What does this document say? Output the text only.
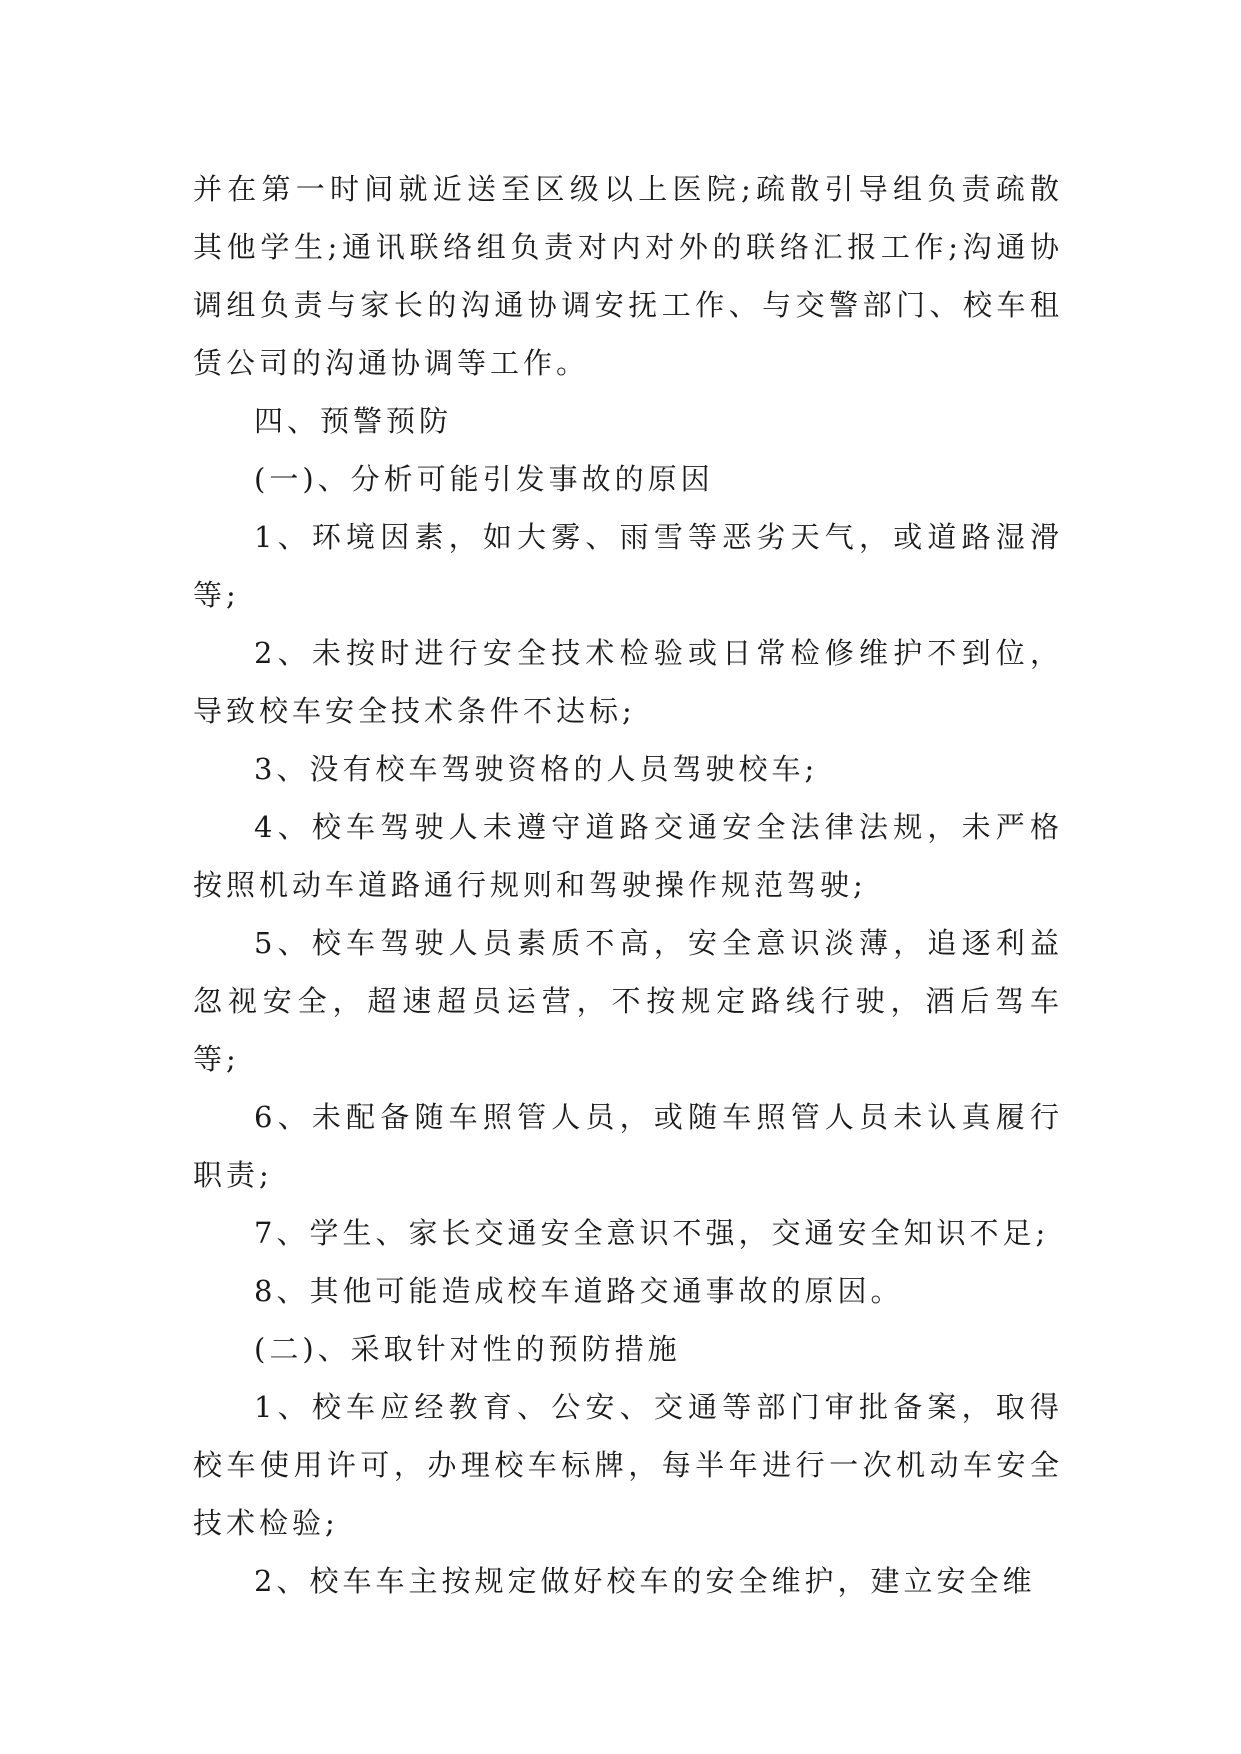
并在第一时间就近送至区级以上医院;疏散引导组负责疏散其他学生;通讯联络组负责对内对外的联络汇报工作;沟通协调组负责与家长的沟通协调安抚工作、与交警部门、校车租赁公司的沟通协调等工作。

四、预警预防

(一)、分析可能引发事故的原因

1、环境因素，如大雾、雨雪等恶劣天气，或道路湿滑等;

2、未按时进行安全技术检验或日常检修维护不到位，导致校车安全技术条件不达标;

3、没有校车驾驶资格的人员驾驶校车;

4、校车驾驶人未遵守道路交通安全法律法规，未严格按照机动车道路通行规则和驾驶操作规范驾驶;

5、校车驾驶人员素质不高，安全意识淡薄，追逐利益忽视安全，超速超员运营，不按规定路线行驶，酒后驾车等;

6、未配备随车照管人员，或随车照管人员未认真履行职责;

7、学生、家长交通安全意识不强，交通安全知识不足;

8、其他可能造成校车道路交通事故的原因。

(二)、采取针对性的预防措施

1、校车应经教育、公安、交通等部门审批备案，取得校车使用许可，办理校车标牌，每半年进行一次机动车安全技术检验;

2、校车车主按规定做好校车的安全维护，建立安全维
